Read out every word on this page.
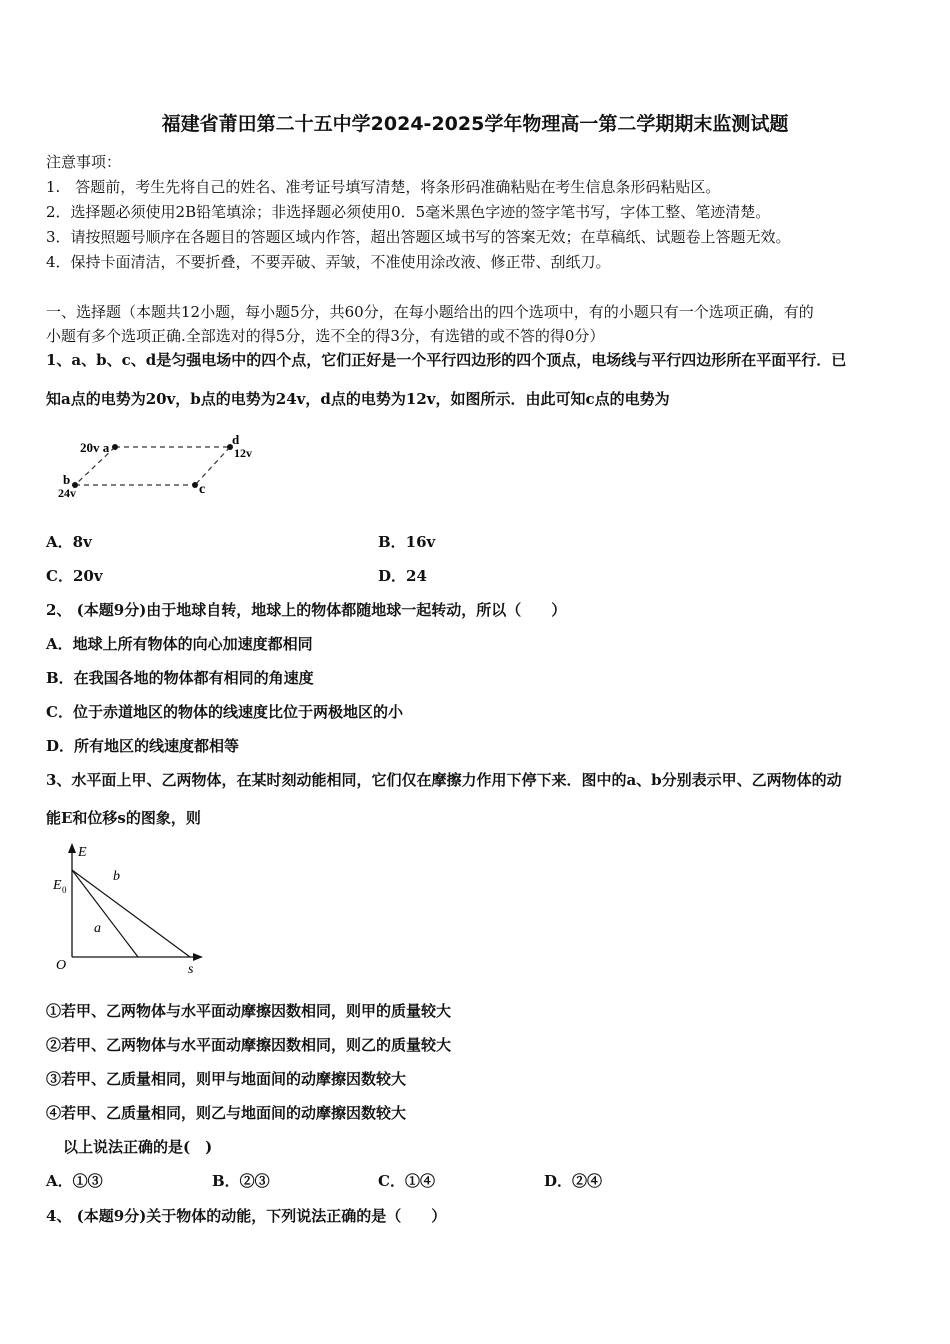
福建省莆田第二十五中学2024-2025学年物理高一第二学期期末监测试题
注意事项：
1.　答题前，考生先将自己的姓名、准考证号填写清楚，将条形码准确粘贴在考生信息条形码粘贴区。
2．选择题必须使用2B铅笔填涂；非选择题必须使用0．5毫米黑色字迹的签字笔书写，字体工整、笔迹清楚。
3．请按照题号顺序在各题目的答题区域内作答，超出答题区域书写的答案无效；在草稿纸、试题卷上答题无效。
4．保持卡面清洁，不要折叠，不要弄破、弄皱，不准使用涂改液、修正带、刮纸刀。
一、选择题（本题共12小题，每小题5分，共60分，在每小题给出的四个选项中，有的小题只有一个选项正确，有的
小题有多个选项正确.全部选对的得5分，选不全的得3分，有选错的或不答的得0分）
1、a、b、c、d是匀强电场中的四个点，它们正好是一个平行四边形的四个顶点，电场线与平行四边形所在平面平行．已
知a点的电势为20v，b点的电势为24v，d点的电势为12v，如图所示．由此可知c点的电势为
20v a
d
12v
b
24v	c
A．8v	B．16v
C．20v	D．24
2、 (本题9分)由于地球自转，地球上的物体都随地球一起转动，所以（　　）
A．地球上所有物体的向心加速度都相同
B．在我国各地的物体都有相同的角速度
C．位于赤道地区的物体的线速度比位于两极地区的小
D．所有地区的线速度都相等
3、水平面上甲、乙两物体，在某时刻动能相同，它们仅在摩擦力作用下停下来．图中的a、b分别表示甲、乙两物体的动
能E和位移s的图象，则
E
s
O
E 0
a
b
①若甲、乙两物体与水平面动摩擦因数相同，则甲的质量较大
②若甲、乙两物体与水平面动摩擦因数相同，则乙的质量较大
③若甲、乙质量相同，则甲与地面间的动摩擦因数较大
④若甲、乙质量相同，则乙与地面间的动摩擦因数较大
以上说法正确的是(　)
A．①③	B．②③	C．①④	D．②④
4、 (本题9分)关于物体的动能，下列说法正确的是（　　）
